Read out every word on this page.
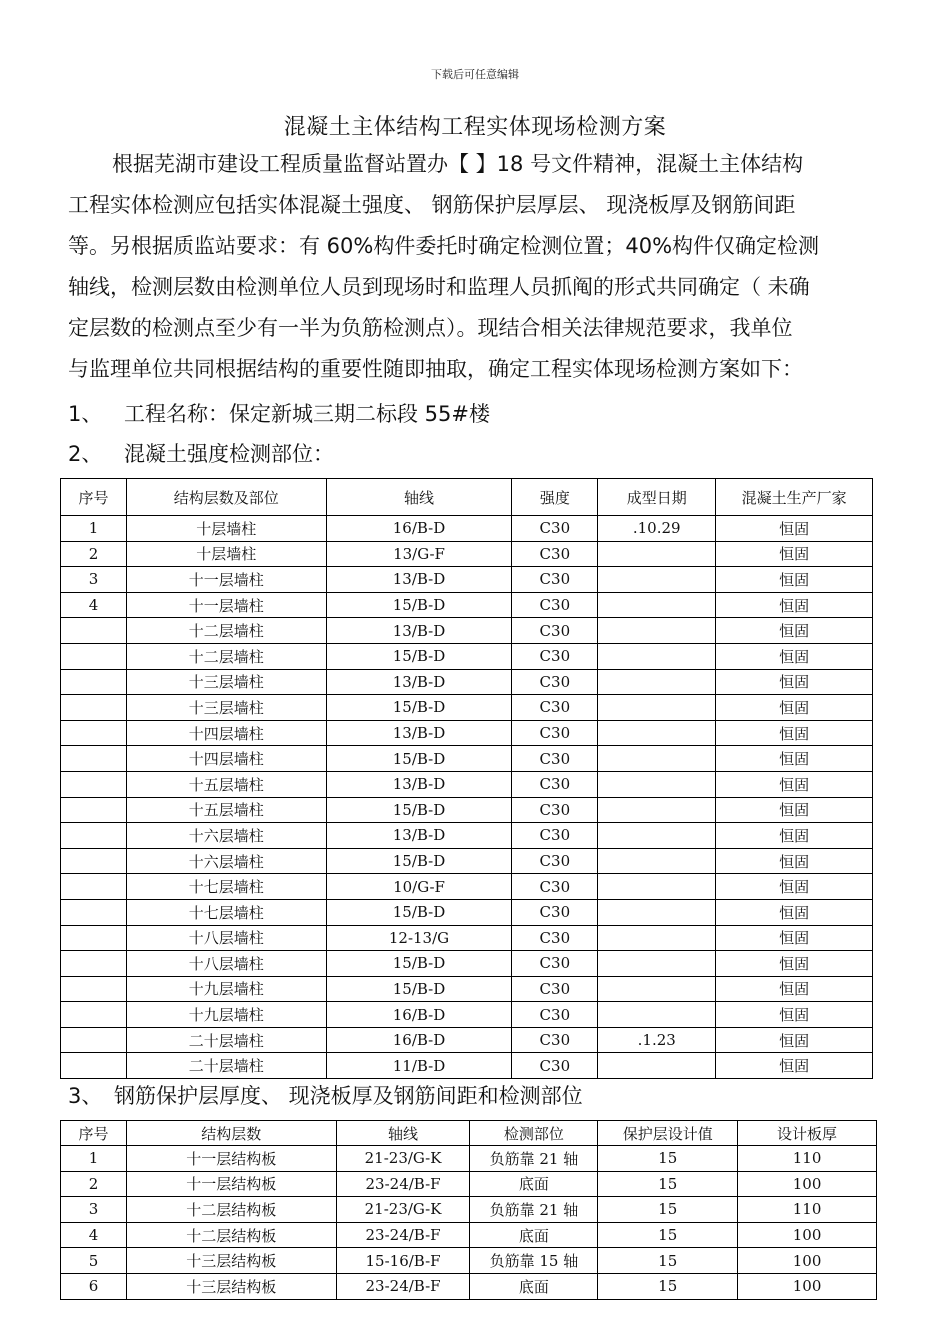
下载后可任意编辑
混凝土主体结构工程实体现场检测方案
根据芜湖市建设工程质量监督站置办【 】18 号文件精神，混凝土主体结构
工程实体检测应包括实体混凝土强度、 钢筋保护层厚层、 现浇板厚及钢筋间距
等。另根据质监站要求：有 60%构件委托时确定检测位置；40%构件仅确定检测
轴线，检测层数由检测单位人员到现场时和监理人员抓阄的形式共同确定（ 未确
定层数的检测点至少有一半为负筋检测点）。现结合相关法律规范要求，我单位
与监理单位共同根据结构的重要性随即抽取，确定工程实体现场检测方案如下：
1、 工程名称：保定新城三期二标段 55#楼
2、 混凝土强度检测部位：
序号	结构层数及部位	轴线	强度	成型日期	混凝土生产厂家
1	十层墙柱	16/B-D	C30	.10.29	恒固
2	十层墙柱	13/G-F	C30		恒固
3	十一层墙柱	13/B-D	C30		恒固
4	十一层墙柱	15/B-D	C30		恒固
	十二层墙柱	13/B-D	C30		恒固
	十二层墙柱	15/B-D	C30		恒固
	十三层墙柱	13/B-D	C30		恒固
	十三层墙柱	15/B-D	C30		恒固
	十四层墙柱	13/B-D	C30		恒固
	十四层墙柱	15/B-D	C30		恒固
	十五层墙柱	13/B-D	C30		恒固
	十五层墙柱	15/B-D	C30		恒固
	十六层墙柱	13/B-D	C30		恒固
	十六层墙柱	15/B-D	C30		恒固
	十七层墙柱	10/G-F	C30		恒固
	十七层墙柱	15/B-D	C30		恒固
	十八层墙柱	12-13/G	C30		恒固
	十八层墙柱	15/B-D	C30		恒固
	十九层墙柱	15/B-D	C30		恒固
	十九层墙柱	16/B-D	C30		恒固
	二十层墙柱	16/B-D	C30	.1.23	恒固
	二十层墙柱	11/B-D	C30		恒固
3、 钢筋保护层厚度、 现浇板厚及钢筋间距和检测部位
序号	结构层数	轴线	检测部位	保护层设计值	设计板厚
1	十一层结构板	21-23/G-K	负筋靠 21 轴	15	110
2	十一层结构板	23-24/B-F	底面	15	100
3	十二层结构板	21-23/G-K	负筋靠 21 轴	15	110
4	十二层结构板	23-24/B-F	底面	15	100
5	十三层结构板	15-16/B-F	负筋靠 15 轴	15	100
6	十三层结构板	23-24/B-F	底面	15	100
